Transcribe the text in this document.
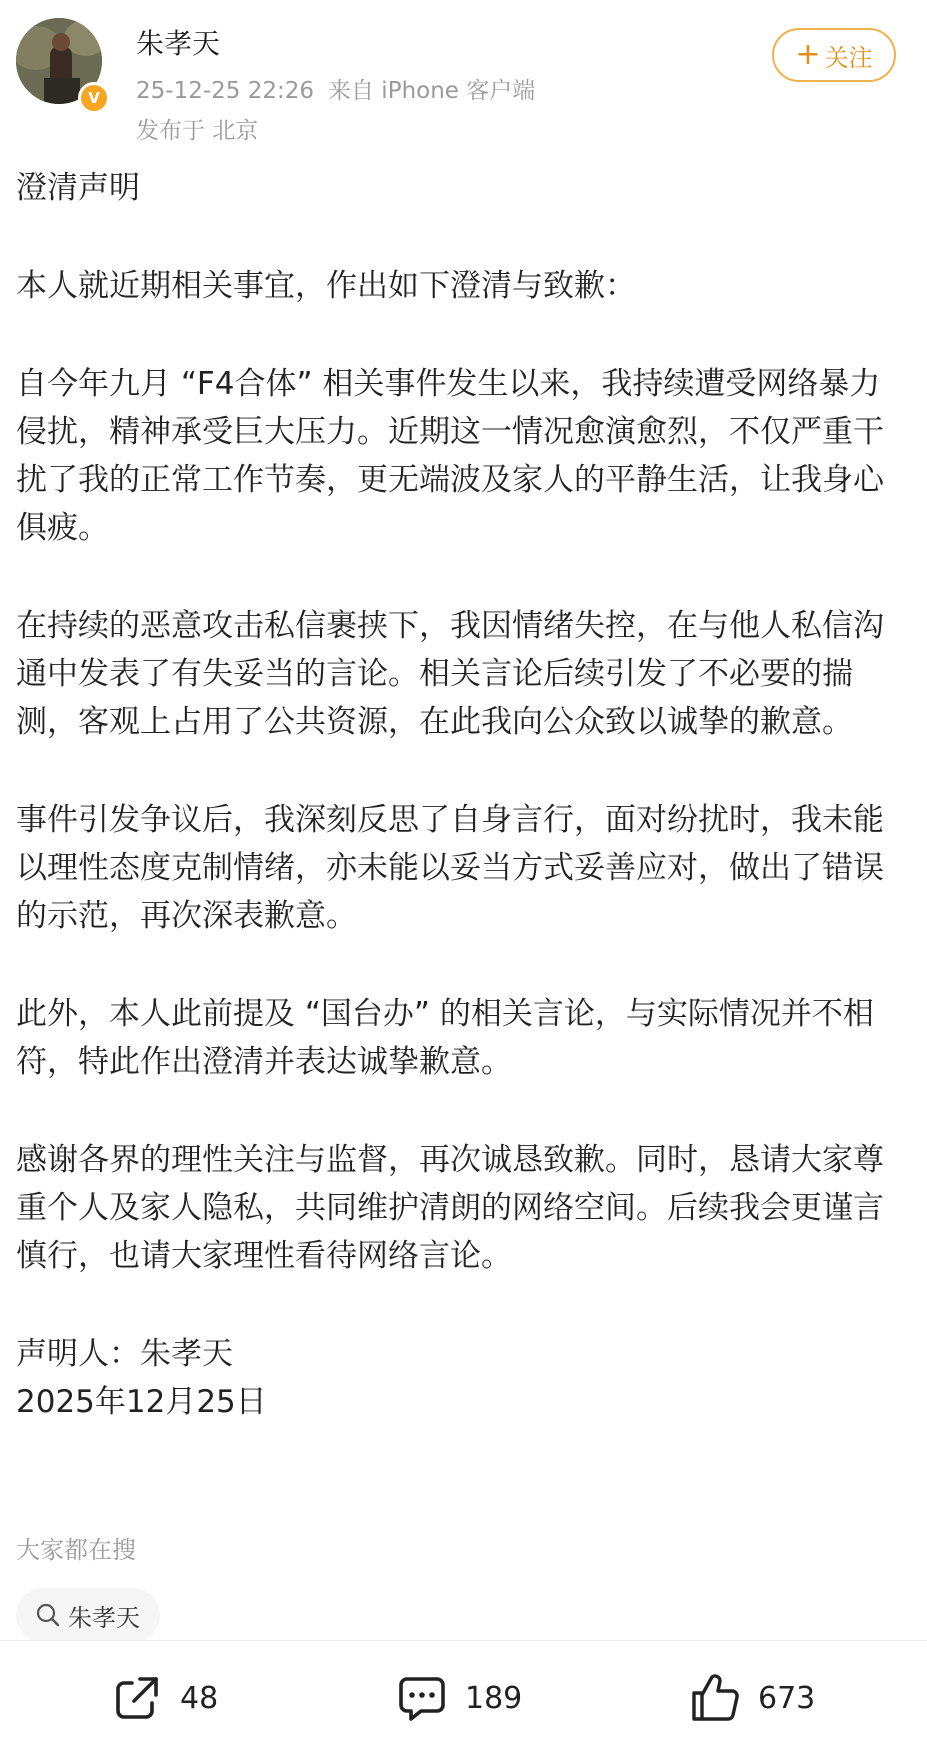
V
朱孝天
25-12-25 22:26 来自 iPhone 客户端
发布于 北京
+ 关注

澄清声明

本人就近期相关事宜，作出如下澄清与致歉：

自今年九月 “F4合体” 相关事件发生以来，我持续遭受网络暴力侵扰，精神承受巨大压力。近期这一情况愈演愈烈，不仅严重干扰了我的正常工作节奏，更无端波及家人的平静生活，让我身心俱疲。

在持续的恶意攻击私信裹挟下，我因情绪失控，在与他人私信沟通中发表了有失妥当的言论。相关言论后续引发了不必要的揣测，客观上占用了公共资源，在此我向公众致以诚挚的歉意。

事件引发争议后，我深刻反思了自身言行，面对纷扰时，我未能以理性态度克制情绪，亦未能以妥当方式妥善应对，做出了错误的示范，再次深表歉意。

此外，本人此前提及 “国台办” 的相关言论，与实际情况并不相符，特此作出澄清并表达诚挚歉意。

感谢各界的理性关注与监督，再次诚恳致歉。同时，恳请大家尊重个人及家人隐私，共同维护清朗的网络空间。后续我会更谨言慎行，也请大家理性看待网络言论。

声明人：朱孝天

2025年12月25日

大家都在搜
朱孝天
48	189	673
